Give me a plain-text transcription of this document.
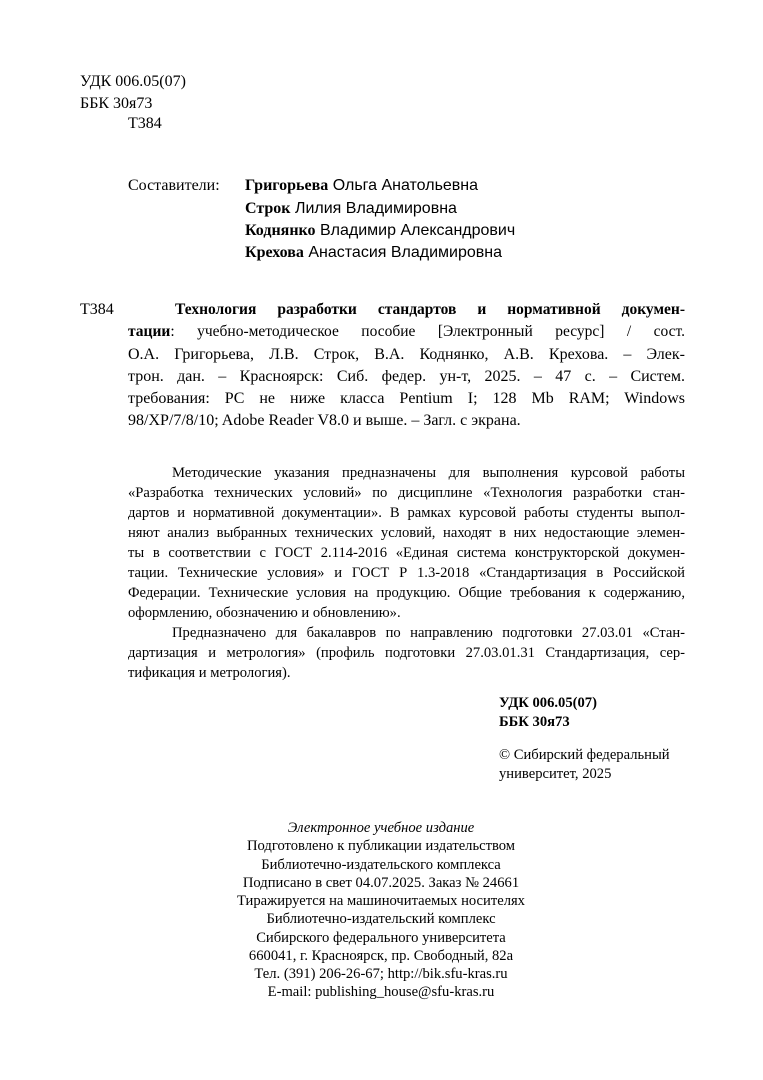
УДК 006.05(07)
ББК 30я73
Т384
Составители: Григорьева Ольга Анатольевна
Строк Лилия Владимировна
Коднянко Владимир Александрович
Крехова Анастасия Владимировна
Т384	Технология разработки стандартов и нормативной докумен-
тации: учебно-методическое пособие [Электронный ресурс] / сост.
О.А. Григорьева, Л.В. Строк, В.А. Коднянко, А.В. Крехова. – Элек-
трон. дан. – Красноярск: Сиб. федер. ун-т, 2025. – 47 с. – Систем.
требования: PC не ниже класса Pentium I; 128 Mb RAM; Windows
98/XP/7/8/10; Adobe Reader V8.0 и выше. – Загл. с экрана.
Методические указания предназначены для выполнения курсовой работы
«Разработка технических условий» по дисциплине «Технология разработки стан-
дартов и нормативной документации». В рамках курсовой работы студенты выпол-
няют анализ выбранных технических условий, находят в них недостающие элемен-
ты в соответствии с ГОСТ 2.114-2016 «Единая система конструкторской докумен-
тации. Технические условия» и ГОСТ Р 1.3-2018 «Стандартизация в Российской
Федерации. Технические условия на продукцию. Общие требования к содержанию,
оформлению, обозначению и обновлению».
Предназначено для бакалавров по направлению подготовки 27.03.01 «Стан-
дартизация и метрология» (профиль подготовки 27.03.01.31 Стандартизация, сер-
тификация и метрология).
УДК 006.05(07)
ББК 30я73
© Сибирский федеральный
университет, 2025
Электронное учебное издание
Подготовлено к публикации издательством
Библиотечно-издательского комплекса
Подписано в свет 04.07.2025. Заказ № 24661
Тиражируется на машиночитаемых носителях
Библиотечно-издательский комплекс
Сибирского федерального университета
660041, г. Красноярск, пр. Свободный, 82а
Тел. (391) 206-26-67; http://bik.sfu-kras.ru
E-mail: publishing_house@sfu-kras.ru
